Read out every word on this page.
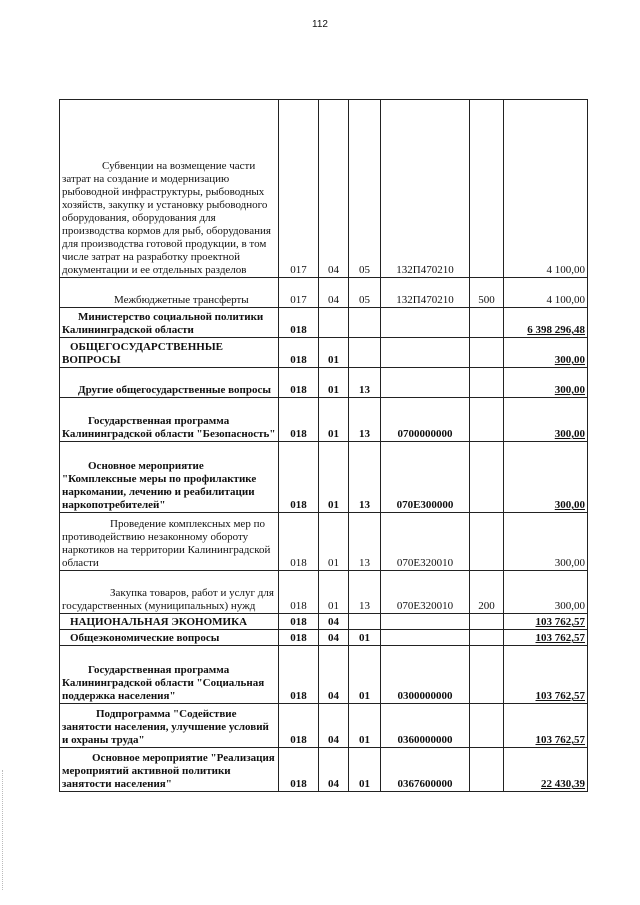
112
Субвенции на возмещение части затрат на создание и модернизацию рыбоводной инфраструктуры, рыбоводных хозяйств, закупку и установку рыбоводного оборудования, оборудования для производства кормов для рыб, оборудования для производства готовой продукции, в том числе затрат на разработку проектной документации и ее отдельных разделов	017	04	05	132П470210		4 100,00
Межбюджетные трансферты	017	04	05	132П470210	500	4 100,00
Министерство социальной политики Калининградской области	018					6 398 296,48
ОБЩЕГОСУДАРСТВЕННЫЕ ВОПРОСЫ	018	01				300,00
Другие общегосударственные вопросы	018	01	13			300,00
Государственная программа Калининградской области "Безопасность"	018	01	13	0700000000		300,00
Основное мероприятие "Комплексные меры по профилактике наркомании, лечению и реабилитации наркопотребителей"	018	01	13	070Е300000		300,00
Проведение комплексных мер по противодействию незаконному обороту наркотиков на территории Калининградской области	018	01	13	070Е320010		300,00
Закупка товаров, работ и услуг для государственных (муниципальных) нужд	018	01	13	070Е320010	200	300,00
НАЦИОНАЛЬНАЯ ЭКОНОМИКА	018	04				103 762,57
Общеэкономические вопросы	018	04	01			103 762,57
Государственная программа Калининградской области "Социальная поддержка населения"	018	04	01	0300000000		103 762,57
Подпрограмма "Содействие занятости населения, улучшение условий и охраны труда"	018	04	01	0360000000		103 762,57
Основное мероприятие "Реализация мероприятий активной политики занятости населения"	018	04	01	0367600000		22 430,39
